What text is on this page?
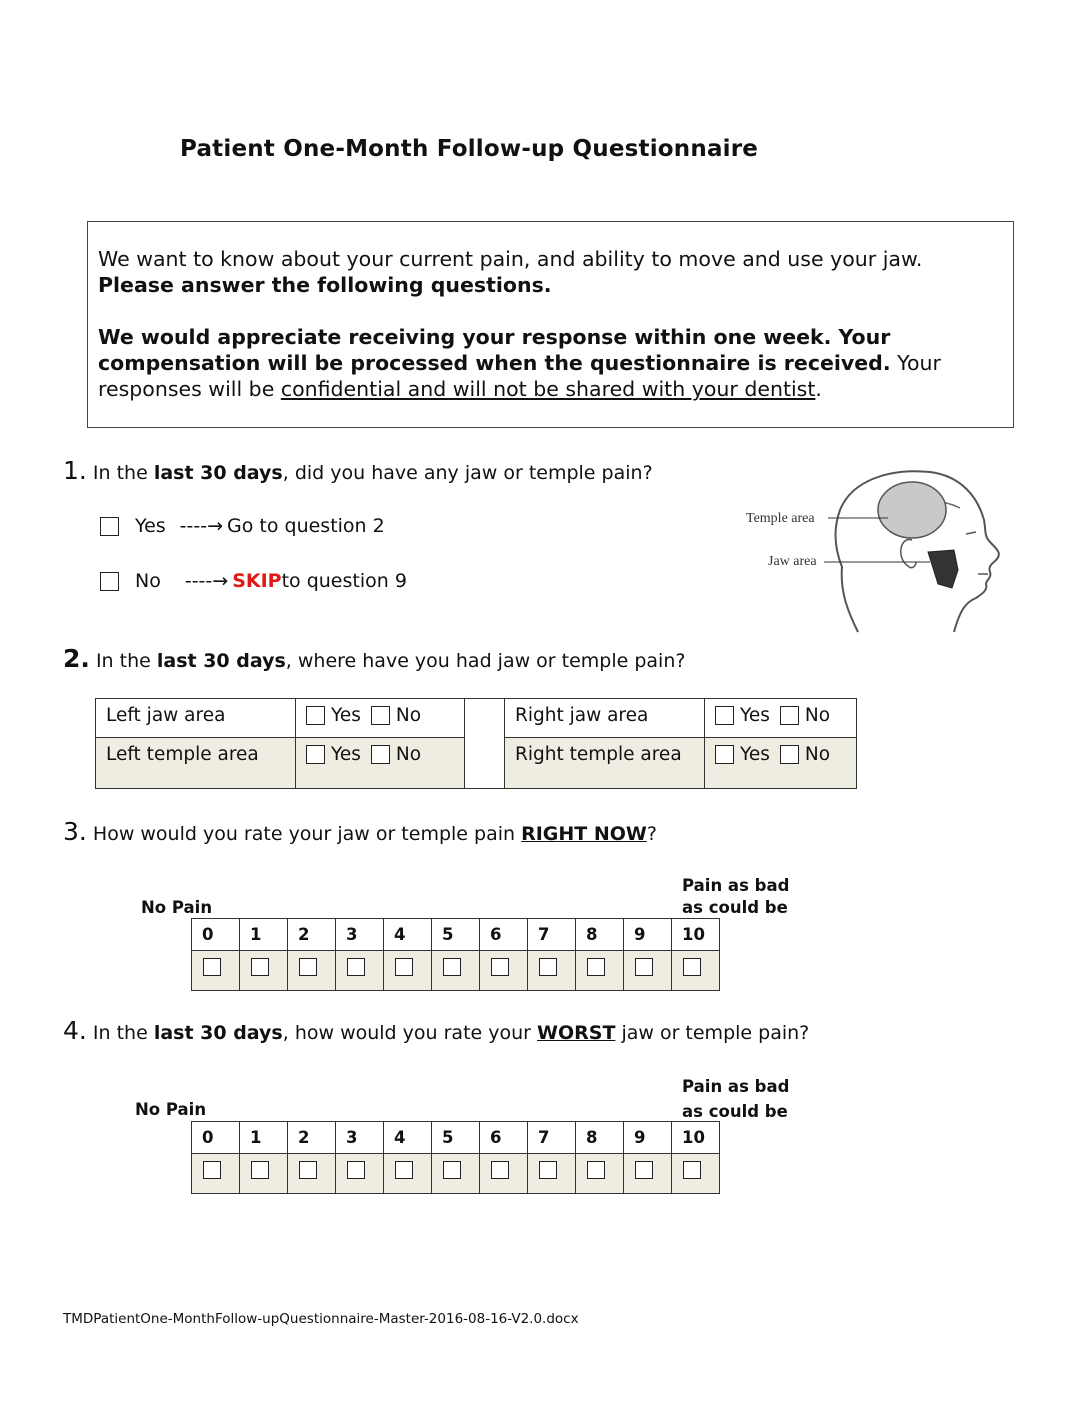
Patient One-Month Follow-up Questionnaire

We want to know about your current pain, and ability to move and use your jaw.

Please answer the following questions.

We would appreciate receiving your response within one week. Your compensation will be processed when the questionnaire is received. Your responses will be confidential and will not be shared with your dentist.

1. In the last 30 days, did you have any jaw or temple pain?
Yes ----→ Go to question 2
No ----→ SKIP to question 9
Temple area
Jaw area
2. In the last 30 days, where have you had jaw or temple pain?
Left jaw area	Yes No		Right jaw area	Yes No

Left temple area	Yes No		Right temple area	Yes No
3. How would you rate your jaw or temple pain RIGHT NOW?
No Pain
Pain as bad
as could be
0	1	2	3	4	5	6	7	8	9	10

4. In the last 30 days, how would you rate your WORST jaw or temple pain?
No Pain
Pain as bad
as could be
0	1	2	3	4	5	6	7	8	9	10

TMDPatientOne-MonthFollow-upQuestionnaire-Master-2016-08-16-V2.0.docx
